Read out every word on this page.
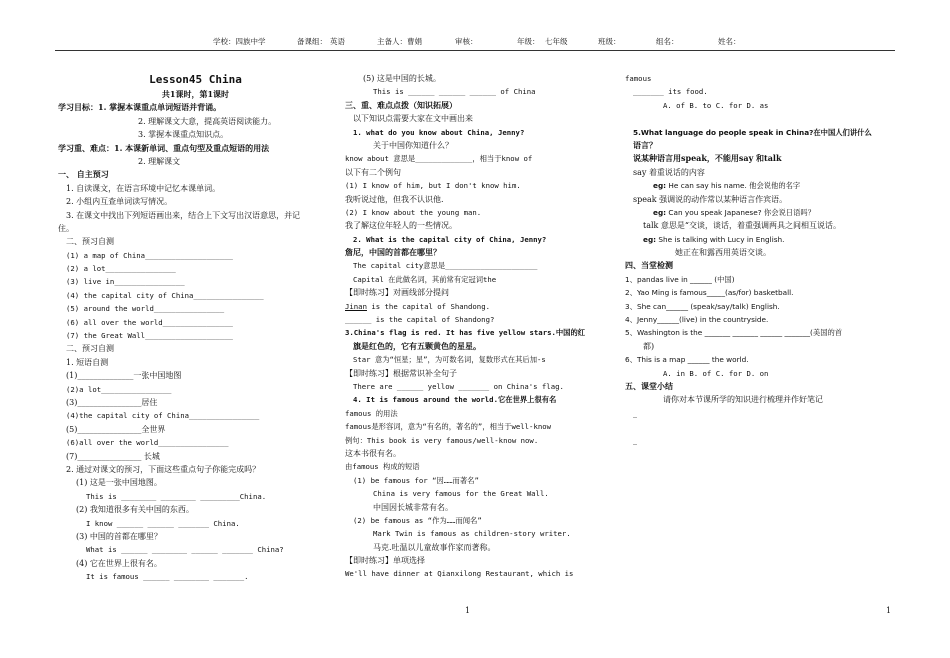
学校：四族中学	备课组： 英语	主备人：曹娟	审核：	年级： 七年级	班级：	组名：	姓名：
Lesson45 China
共1课时，第1课时
学习目标：1. 掌握本课重点单词短语并背诵。
2. 理解课文大意，提高英语阅读能力。
3. 掌握本课重点知识点。
学习重、难点：1. 本课新单词、重点句型及重点短语的用法
2. 理解课文
一、 自主预习
1. 自读课文，在语言环境中记忆本课单词。
2. 小组内互查单词读写情况。
3. 在课文中找出下列短语画出来，结合上下文写出汉语意思，并记
住。
二、预习自测
(1) a map of China____________________
(2) a lot________________
(3) live in________________
(4) the capital city of China________________
(5) around the world________________
(6) all over the world________________
(7) the Great Wall____________________
二、预习自测
1. 短语自测
(1)______________一张中国地图
(2)a lot________________
(3)________________居住
(4)the capital city of China________________
(5)________________全世界
(6)all over the world________________
(7)________________ 长城
2. 通过对课文的预习，下面这些重点句子你能完成吗？
(1) 这是一张中国地图。
This is ________ ________ _________China.
(2) 我知道很多有关中国的东西。
I know ______ ______ _______ China.
(3) 中国的首都在哪里？
What is ______ ________ ______ _______ China?
(4) 它在世界上很有名。
It is famous ______ ________ _______.
(5) 这是中国的长城。
This is ______ ______ ______ of China
三、重、难点点拨（知识拓展）
以下知识点需要大家在文中画出来
1. what do you know about China, Jenny?
关于中国你知道什么？
know about 意思是_____________，相当于know of
以下有二个例句
(1) I know of him, but I don't know him.
我听说过他，但我不认识他.
(2) I know about the young man.
我了解这位年轻人的一些情况。
2. What is the capital city of China, Jenny?
詹尼，中国的首都在哪里？
The capital city意思是_____________________
Capital 在此做名词，其前常有定冠词the
【即时练习】对画线部分提问
Jinan is the capital of Shandong.
______ is the capital of Shandong?
3.China's flag is red. It has five yellow stars.中国的红
旗是红色的，它有五颗黄色的星星。
Star 意为“恒星；星”，为可数名词，复数形式在其后加-s
【即时练习】根据常识补全句子
There are ______ yellow _______ on China's flag.
4. It is famous around the world.它在世界上很有名
famous 的用法
famous是形容词，意为“有名的，著名的”，相当于well-know
例句：This book is very famous/well-know now.
这本书很有名。
由famous 构成的短语
(1) be famous for “因……而著名”
China is very famous for the Great Wall.
中国因长城非常有名。
(2) be famous as “作为……而闻名”
Mark Twin is famous as children-story writer.
马克.吐温以儿童故事作家而著称。
【即时练习】单项选择
We'll have dinner at Qianxilong Restaurant, which is
famous
_______ its food.
A. of B. to C. for D. as
5.What language do people speak in China?在中国人们讲什么
语言？
说某种语言用speak，不能用say 和talk
say 着重说话的内容
eg: He can say his name. 他会说他的名字
speak 强调说的动作常以某种语言作宾语。
eg: Can you speak Japanese? 你会说日语吗？
talk 意思是“交谈，谈话，着重强调两具之间相互说话。
eg: She is talking with Lucy in English.
她正在和露西用英语交谈。
四、当堂检测
1、pandas live in ______ (中国)
2、Yao Ming is famous_____(as/for) basketball.
3、She can______ (speak/say/talk) English.
4、Jenny______(live) in the countryside.
5、Washington is the _______ _______ ______ _______(美国的首
都)
6、This is a map ______ the world.
A. in B. of C. for D. on
五、课堂小结
请你对本节课所学的知识进行梳理并作好笔记
_
_
1	1
